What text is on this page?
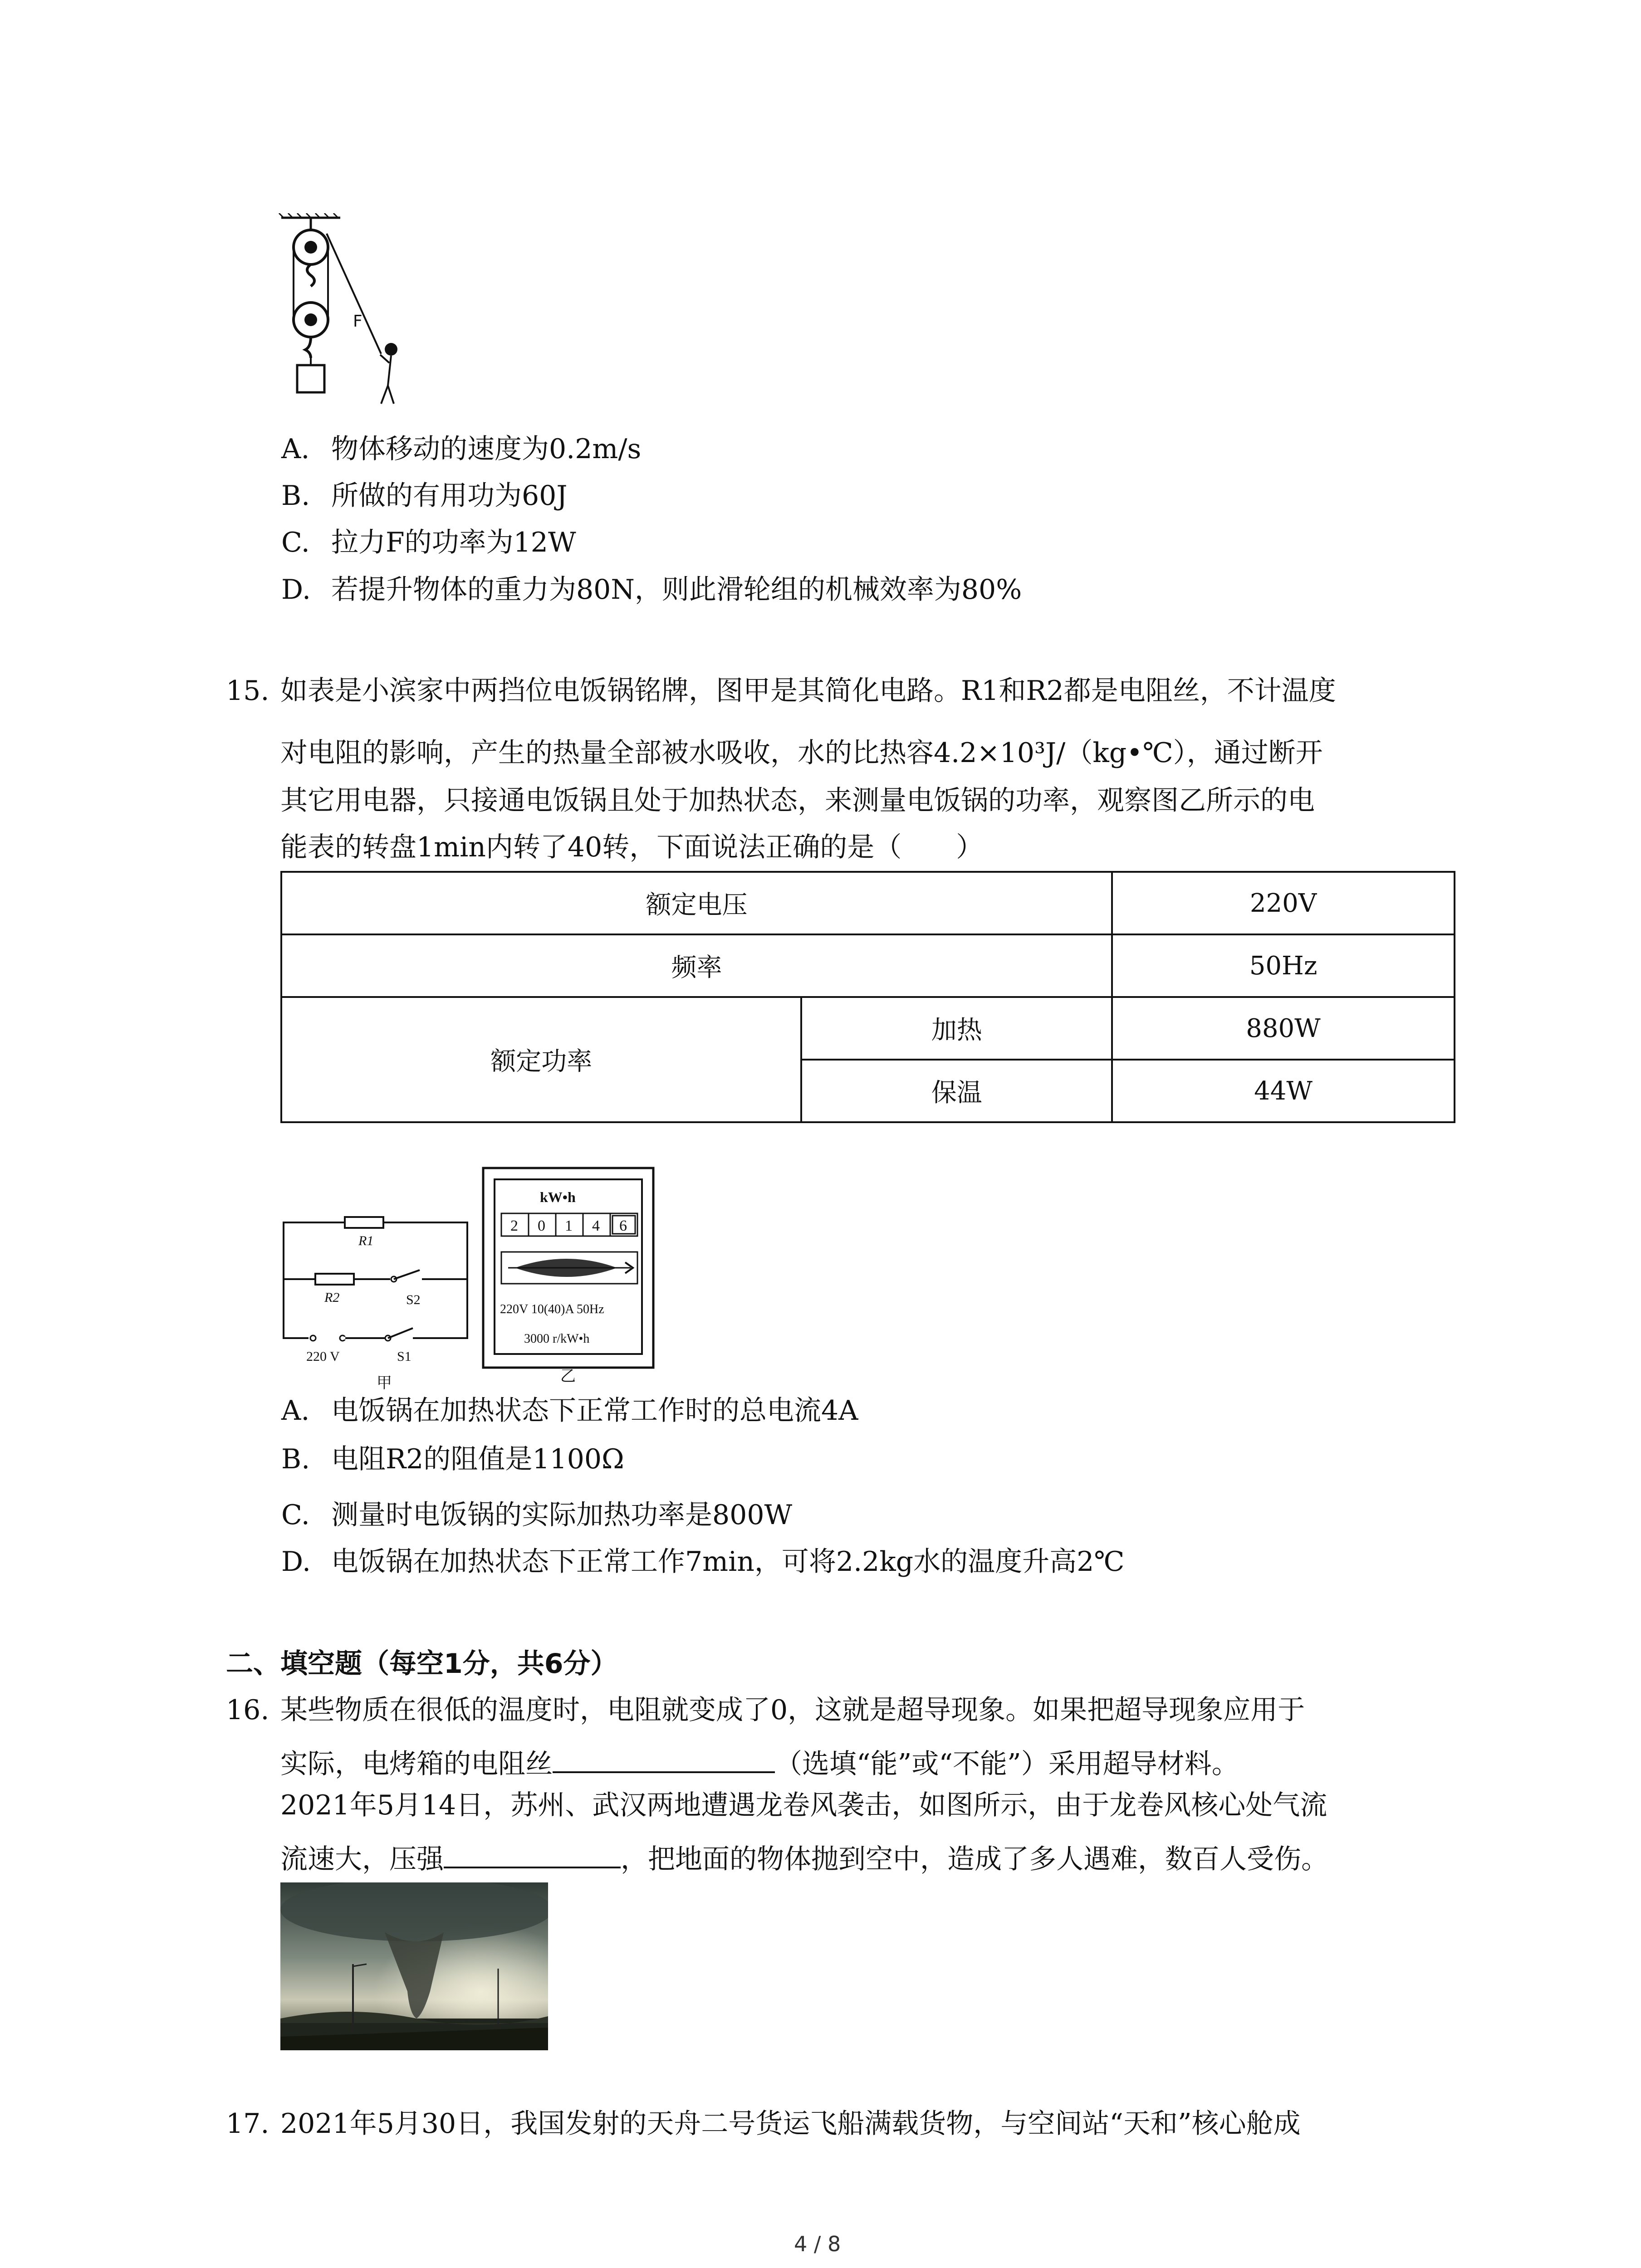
F
A. 物体移动的速度为0.2m/s
B. 所做的有用功为60J
C. 拉力F的功率为12W
D. 若提升物体的重力为80N，则此滑轮组的机械效率为80%
15. 如表是小滨家中两挡位电饭锅铭牌，图甲是其简化电路。R1和R2都是电阻丝，不计温度
对电阻的影响，产生的热量全部被水吸收，水的比热容4.2×10³J/（kg•℃），通过断开
其它用电器，只接通电饭锅且处于加热状态，来测量电饭锅的功率，观察图乙所示的电
能表的转盘1min内转了40转，下面说法正确的是（　　）
额定电压		220V
频率		50Hz
额定功率	加热	880W
	保温	44W
R1
R2	S2
220 V	S1
甲
kW•h
2 0 1 4 6
220V 10(40)A 50Hz
3000 r/kW•h
乙
A. 电饭锅在加热状态下正常工作时的总电流4A
B. 电阻R2的阻值是1100Ω
C. 测量时电饭锅的实际加热功率是800W
D. 电饭锅在加热状态下正常工作7min，可将2.2kg水的温度升高2℃
二、填空题（每空1分，共6分）
16. 某些物质在很低的温度时，电阻就变成了0，这就是超导现象。如果把超导现象应用于
实际，电烤箱的电阻丝	（选填“能”或“不能”）采用超导材料。
2021年5月14日，苏州、武汉两地遭遇龙卷风袭击，如图所示，由于龙卷风核心处气流
流速大，压强	，把地面的物体抛到空中，造成了多人遇难，数百人受伤。
17. 2021年5月30日，我国发射的天舟二号货运飞船满载货物，与空间站“天和”核心舱成
4 / 8
